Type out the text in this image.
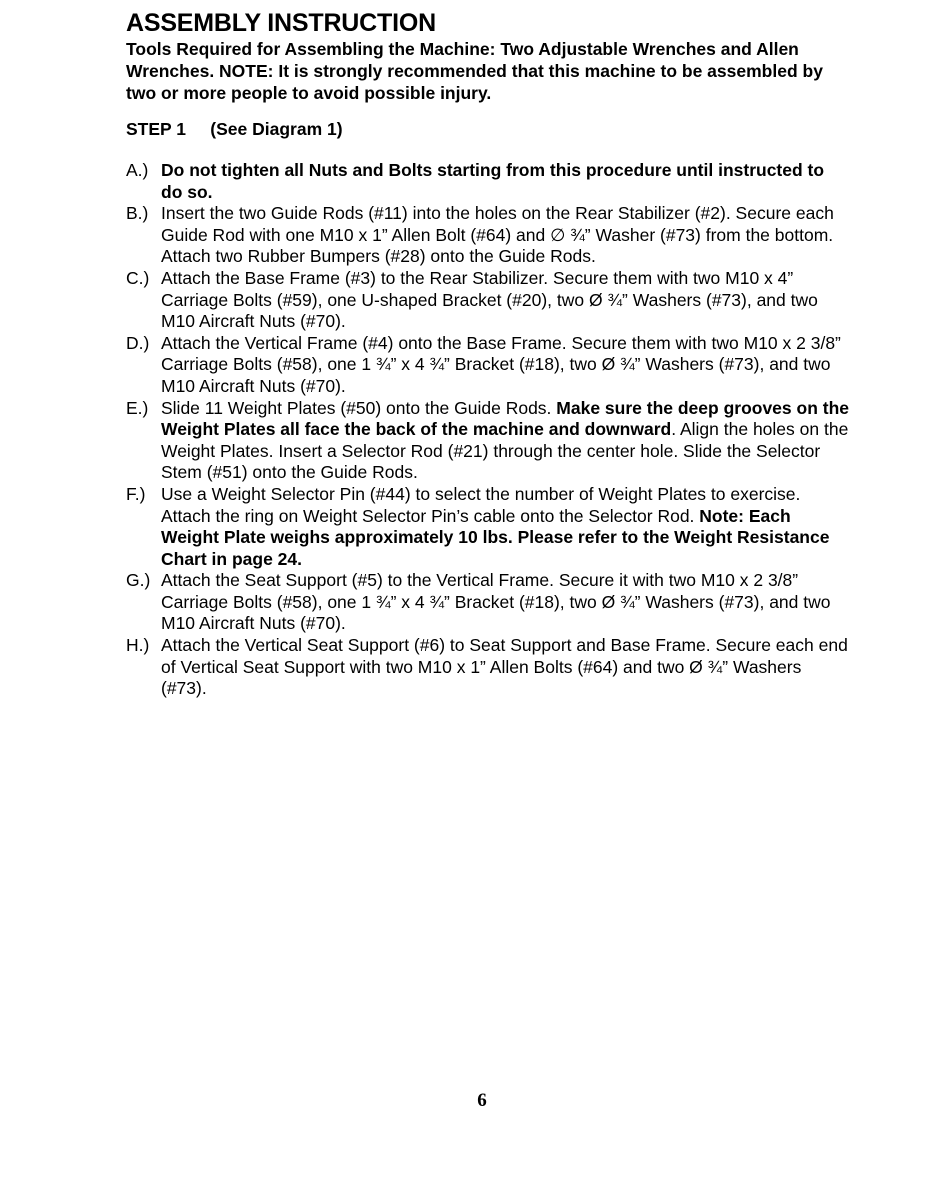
ASSEMBLY INSTRUCTION

Tools Required for Assembling the Machine: Two Adjustable Wrenches and Allen Wrenches. NOTE: It is strongly recommended that this machine to be assembled by two or more people to avoid possible injury.

STEP 1     (See Diagram 1)
A.) Do not tighten all Nuts and Bolts starting from this procedure until instructed to do so.
B.) Insert the two Guide Rods (#11) into the holes on the Rear Stabilizer (#2). Secure each Guide Rod with one M10 x 1” Allen Bolt (#64) and ∅ ¾” Washer (#73) from the bottom. Attach two Rubber Bumpers (#28) onto the Guide Rods.
C.) Attach the Base Frame (#3) to the Rear Stabilizer. Secure them with two M10 x 4” Carriage Bolts (#59), one U-shaped Bracket (#20), two Ø ¾” Washers (#73), and two M10 Aircraft Nuts (#70).
D.) Attach the Vertical Frame (#4) onto the Base Frame. Secure them with two M10 x 2 3/8” Carriage Bolts (#58), one 1 ¾” x 4 ¾” Bracket (#18), two Ø ¾” Washers (#73), and two M10 Aircraft Nuts (#70).
E.) Slide 11 Weight Plates (#50) onto the Guide Rods. Make sure the deep grooves on the Weight Plates all face the back of the machine and downward. Align the holes on the Weight Plates. Insert a Selector Rod (#21) through the center hole. Slide the Selector Stem (#51) onto the Guide Rods.
F.) Use a Weight Selector Pin (#44) to select the number of Weight Plates to exercise. Attach the ring on Weight Selector Pin’s cable onto the Selector Rod. Note: Each Weight Plate weighs approximately 10 lbs. Please refer to the Weight Resistance Chart in page 24.
G.) Attach the Seat Support (#5) to the Vertical Frame. Secure it with two M10 x 2 3/8” Carriage Bolts (#58), one 1 ¾” x 4 ¾” Bracket (#18), two Ø ¾” Washers (#73), and two M10 Aircraft Nuts (#70).
H.) Attach the Vertical Seat Support (#6) to Seat Support and Base Frame. Secure each end of Vertical Seat Support with two M10 x 1” Allen Bolts (#64) and two Ø ¾” Washers (#73).
6
